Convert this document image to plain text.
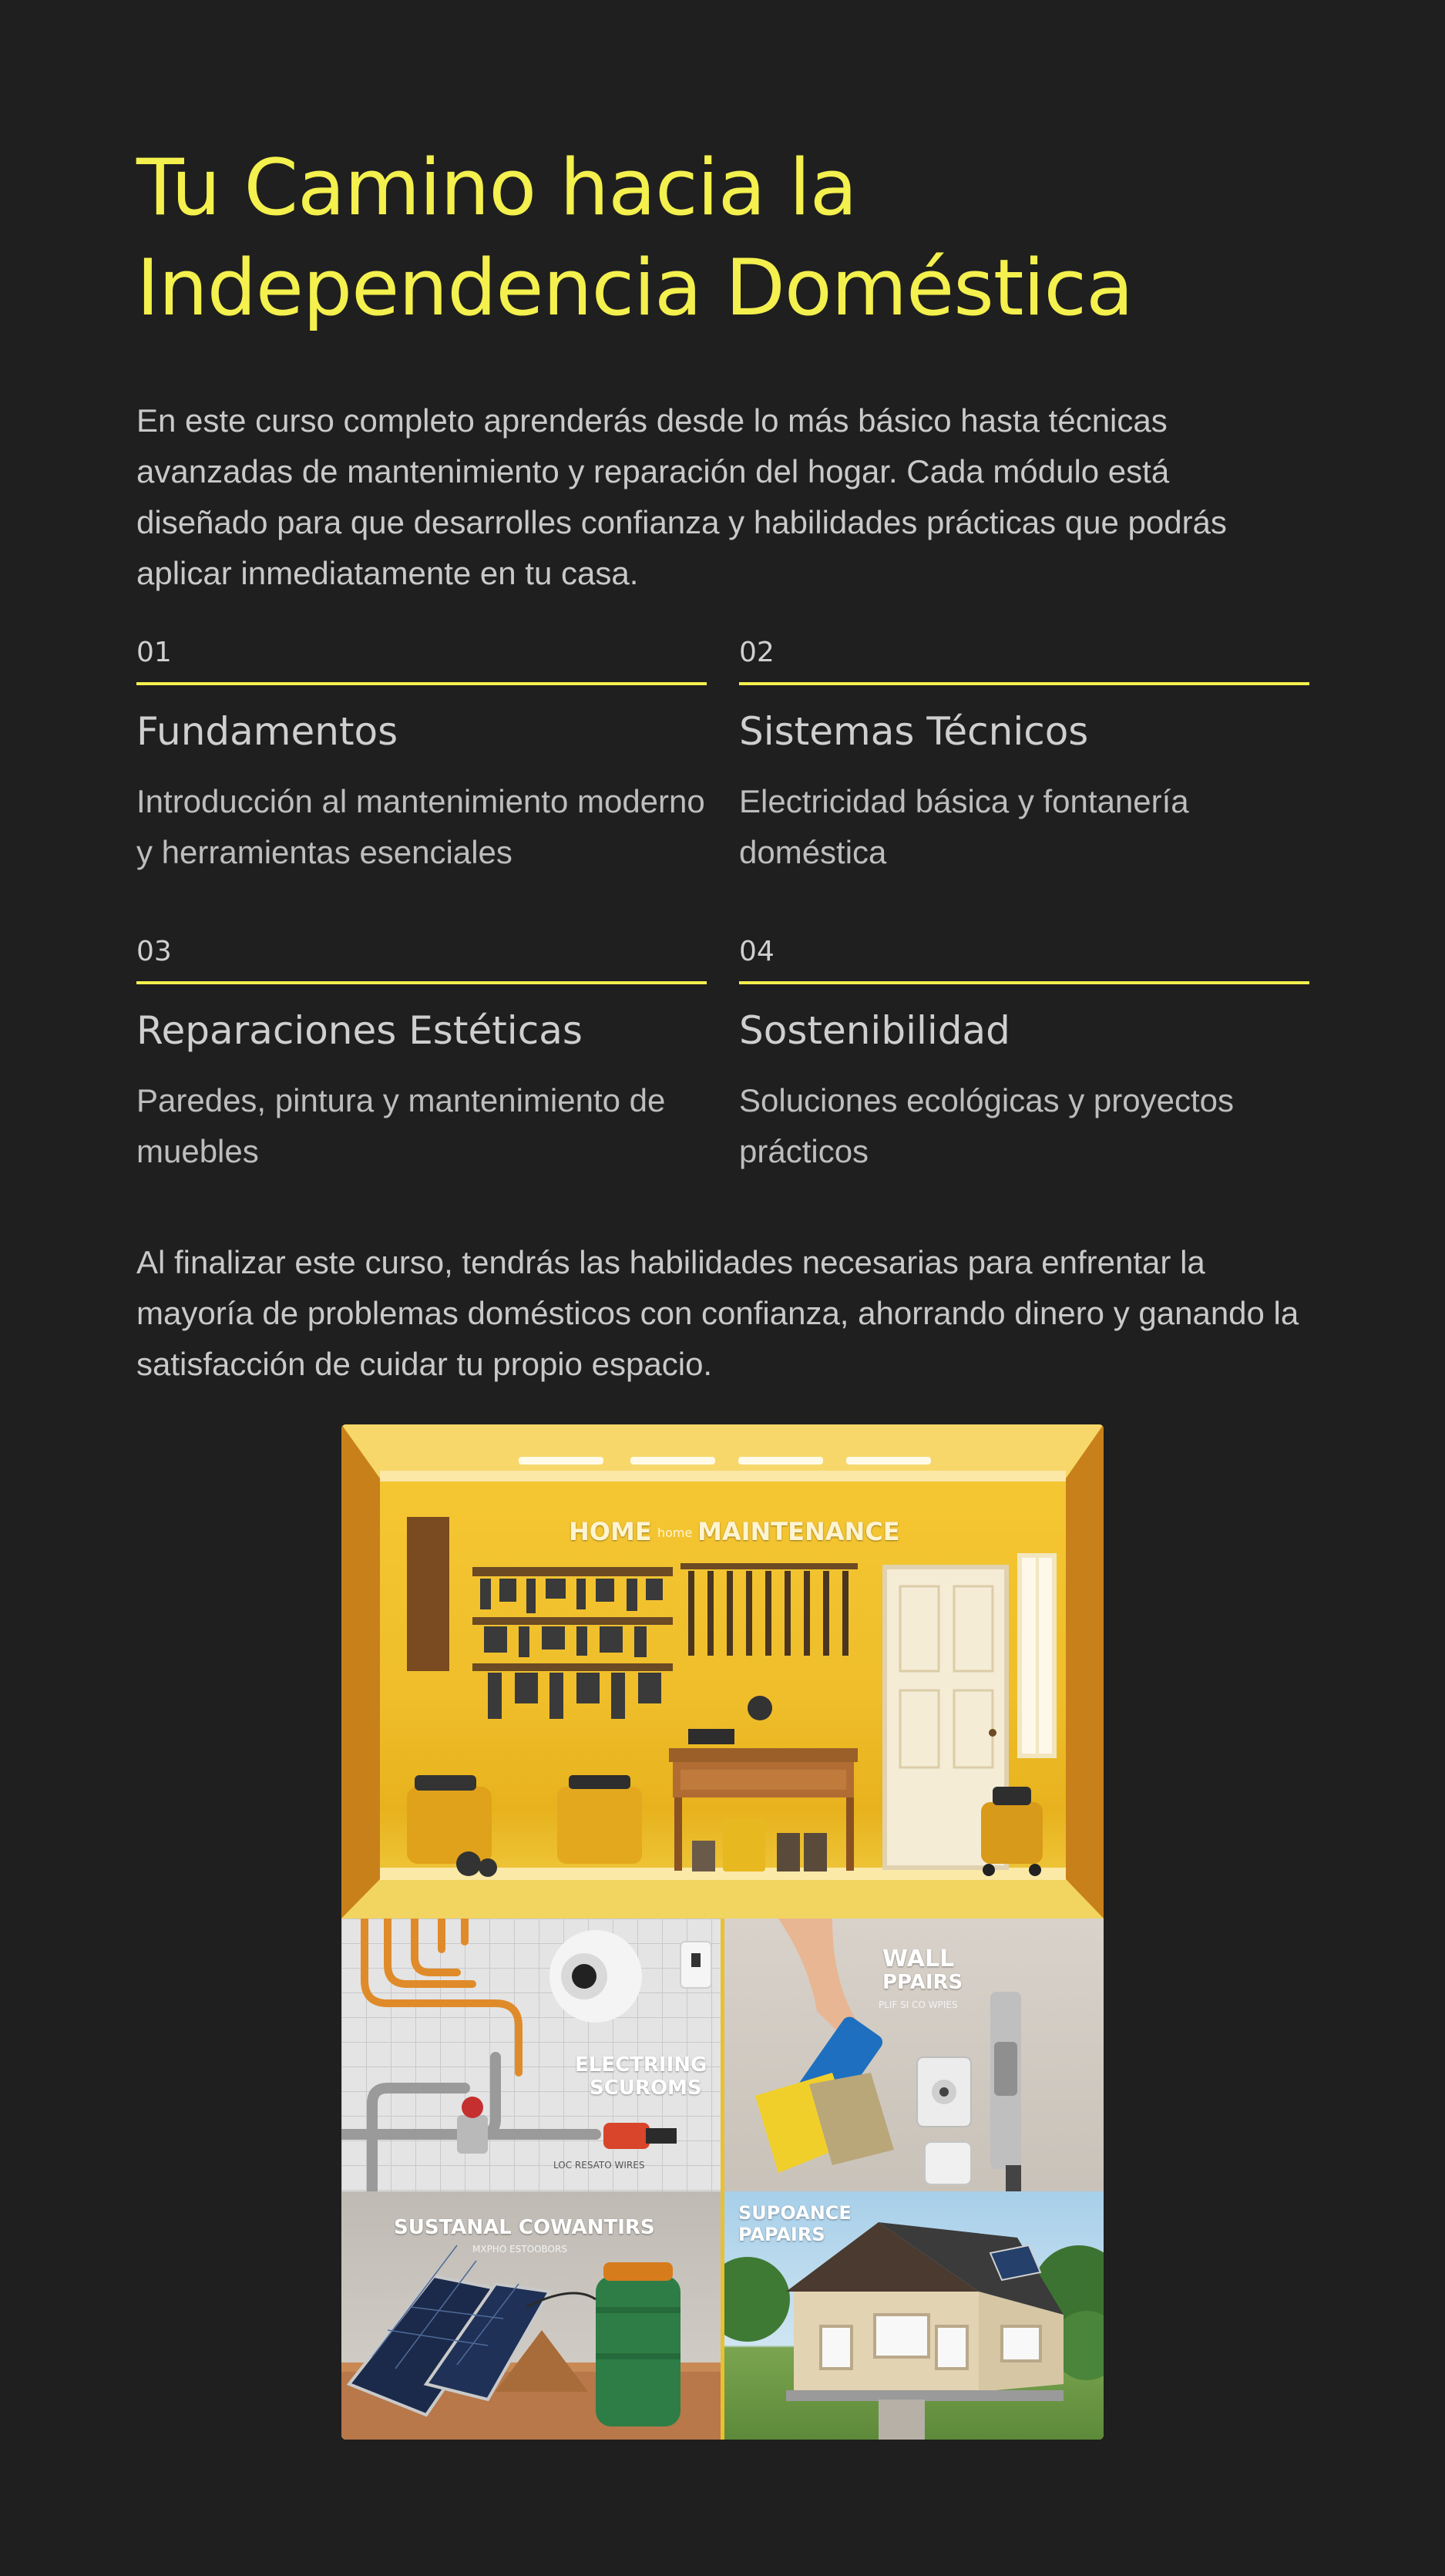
Tu Camino hacia la
Independencia Doméstica

En este curso completo aprenderás desde lo más básico hasta técnicas avanzadas de mantenimiento y reparación del hogar. Cada módulo está diseñado para que desarrolles confianza y habilidades prácticas que podrás aplicar inmediatamente en tu casa.

01
Fundamentos

Introducción al mantenimiento moderno y herramientas esenciales

02
Sistemas Técnicos

Electricidad básica y fontanería doméstica

03
Reparaciones Estéticas

Paredes, pintura y mantenimiento de muebles

04
Sostenibilidad

Soluciones ecológicas y proyectos prácticos

Al finalizar este curso, tendrás las habilidades necesarias para enfrentar la mayoría de problemas domésticos con confianza, ahorrando dinero y ganando la satisfacción de cuidar tu propio espacio.

HOME home MAINTENANCE
ELECTRIING
SCUROMS
LOC RESATO WIRES
WALL
PPAIRS
PLIF SI CO WPIES
SUSTANAL COWANTIRS
MXPHO ESTOOBORS
SUPOANCE
PAPAIRS
